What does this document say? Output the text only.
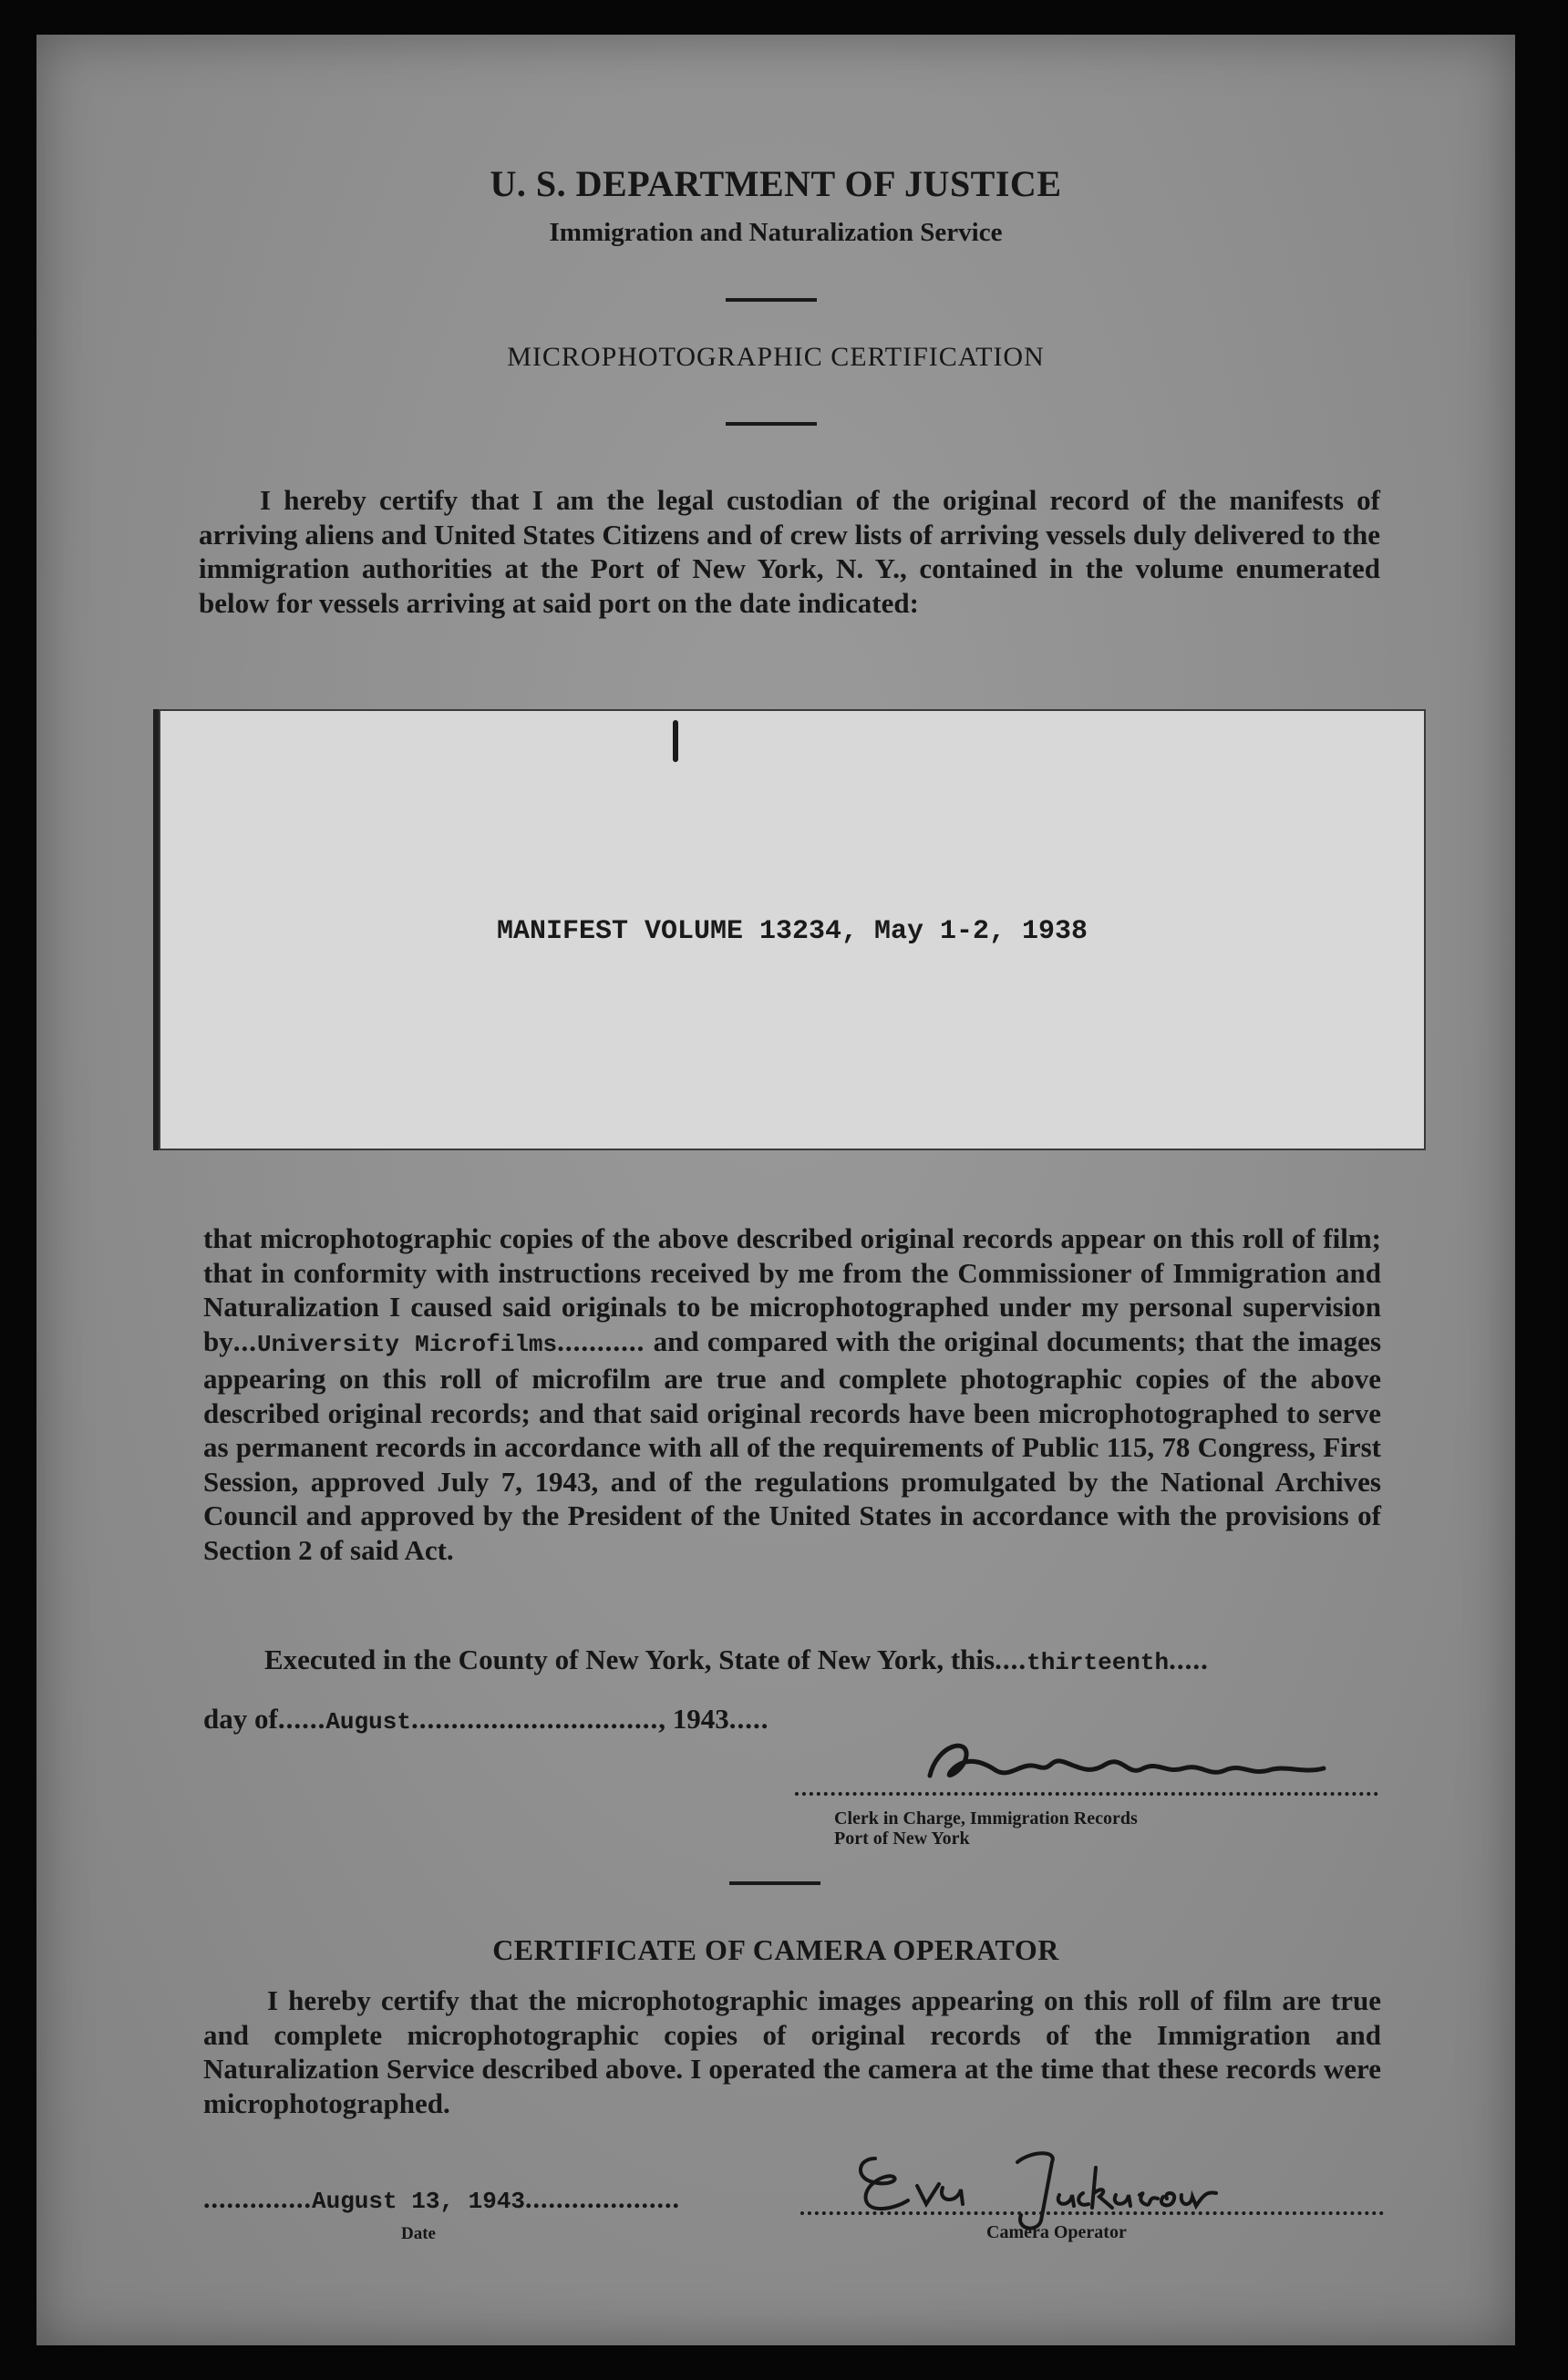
U. S. DEPARTMENT OF JUSTICE
Immigration and Naturalization Service
MICROPHOTOGRAPHIC CERTIFICATION
I hereby certify that I am the legal custodian of the original record of the manifests of arriving aliens and United States Citizens and of crew lists of arriving vessels duly delivered to the immigration authorities at the Port of New York, N. Y., contained in the volume enumerated below for vessels arriving at said port on the date indicated:
MANIFEST VOLUME 13234, May 1-2, 1938
that microphotographic copies of the above described original records appear on this roll of film; that in conformity with instructions received by me from the Commissioner of Immigration and Naturalization I caused said originals to be microphotographed under my personal supervision by...University Microfilms........... and compared with the original documents; that the images appearing on this roll of microfilm are true and complete photographic copies of the above described original records; and that said original records have been microphotographed to serve as permanent records in accordance with all of the requirements of Public 115, 78 Congress, First Session, approved July 7, 1943, and of the regulations promulgated by the National Archives Council and approved by the President of the United States in accordance with the provisions of Section 2 of said Act.
Executed in the County of New York, State of New York, this....thirteenth.....
day of......August..............................., 1943.....
Clerk in Charge, Immigration Records
Port of New York
CERTIFICATE OF CAMERA OPERATOR
I hereby certify that the microphotographic images appearing on this roll of film are true and complete microphotographic copies of original records of the Immigration and Naturalization Service described above. I operated the camera at the time that these records were microphotographed.
..............August 13, 1943....................
Date	Camera Operator
